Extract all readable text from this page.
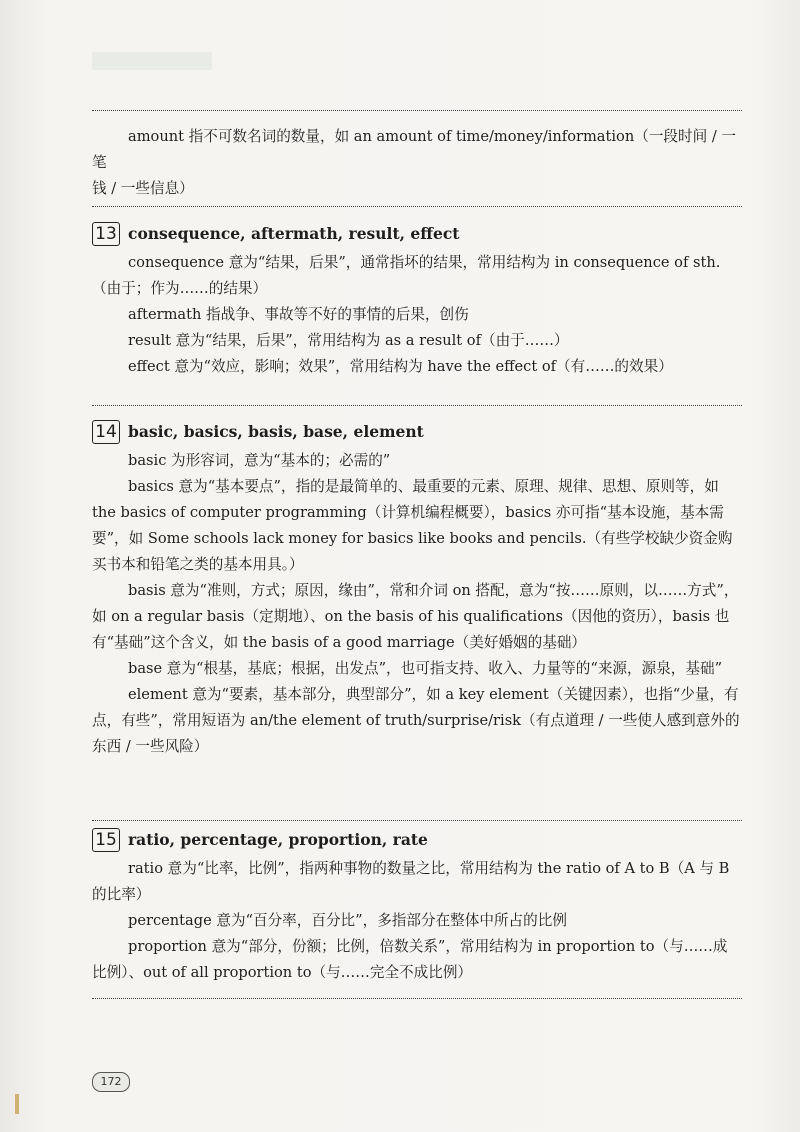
amount 指不可数名词的数量，如 an amount of time/money/information（一段时间 / 一笔

钱 / 一些信息）

13 consequence, aftermath, result, effect

consequence 意为“结果，后果”，通常指坏的结果，常用结构为 in consequence of sth.（由于；作为……的结果）

aftermath 指战争、事故等不好的事情的后果，创伤

result 意为“结果，后果”，常用结构为 as a result of（由于……）

effect 意为“效应，影响；效果”，常用结构为 have the effect of（有……的效果）

14 basic, basics, basis, base, element

basic 为形容词，意为“基本的；必需的”

basics 意为“基本要点”，指的是最简单的、最重要的元素、原理、规律、思想、原则等，如 the basics of computer programming（计算机编程概要），basics 亦可指“基本设施，基本需要”，如 Some schools lack money for basics like books and pencils.（有些学校缺少资金购买书本和铅笔之类的基本用具。）

basis 意为“准则，方式；原因，缘由”，常和介词 on 搭配，意为“按……原则，以……方式”，如 on a regular basis（定期地）、on the basis of his qualifications（因他的资历），basis 也有“基础”这个含义，如 the basis of a good marriage（美好婚姻的基础）

base 意为“根基，基底；根据，出发点”，也可指支持、收入、力量等的“来源，源泉，基础”

element 意为“要素，基本部分，典型部分”，如 a key element（关键因素），也指“少量，有点，有些”，常用短语为 an/the element of truth/surprise/risk（有点道理 / 一些使人感到意外的东西 / 一些风险）

15 ratio, percentage, proportion, rate

ratio 意为“比率，比例”，指两种事物的数量之比，常用结构为 the ratio of A to B（A 与 B 的比率）

percentage 意为“百分率，百分比”，多指部分在整体中所占的比例

proportion 意为“部分，份额；比例，倍数关系”，常用结构为 in proportion to（与……成比例）、out of all proportion to（与……完全不成比例）

172
